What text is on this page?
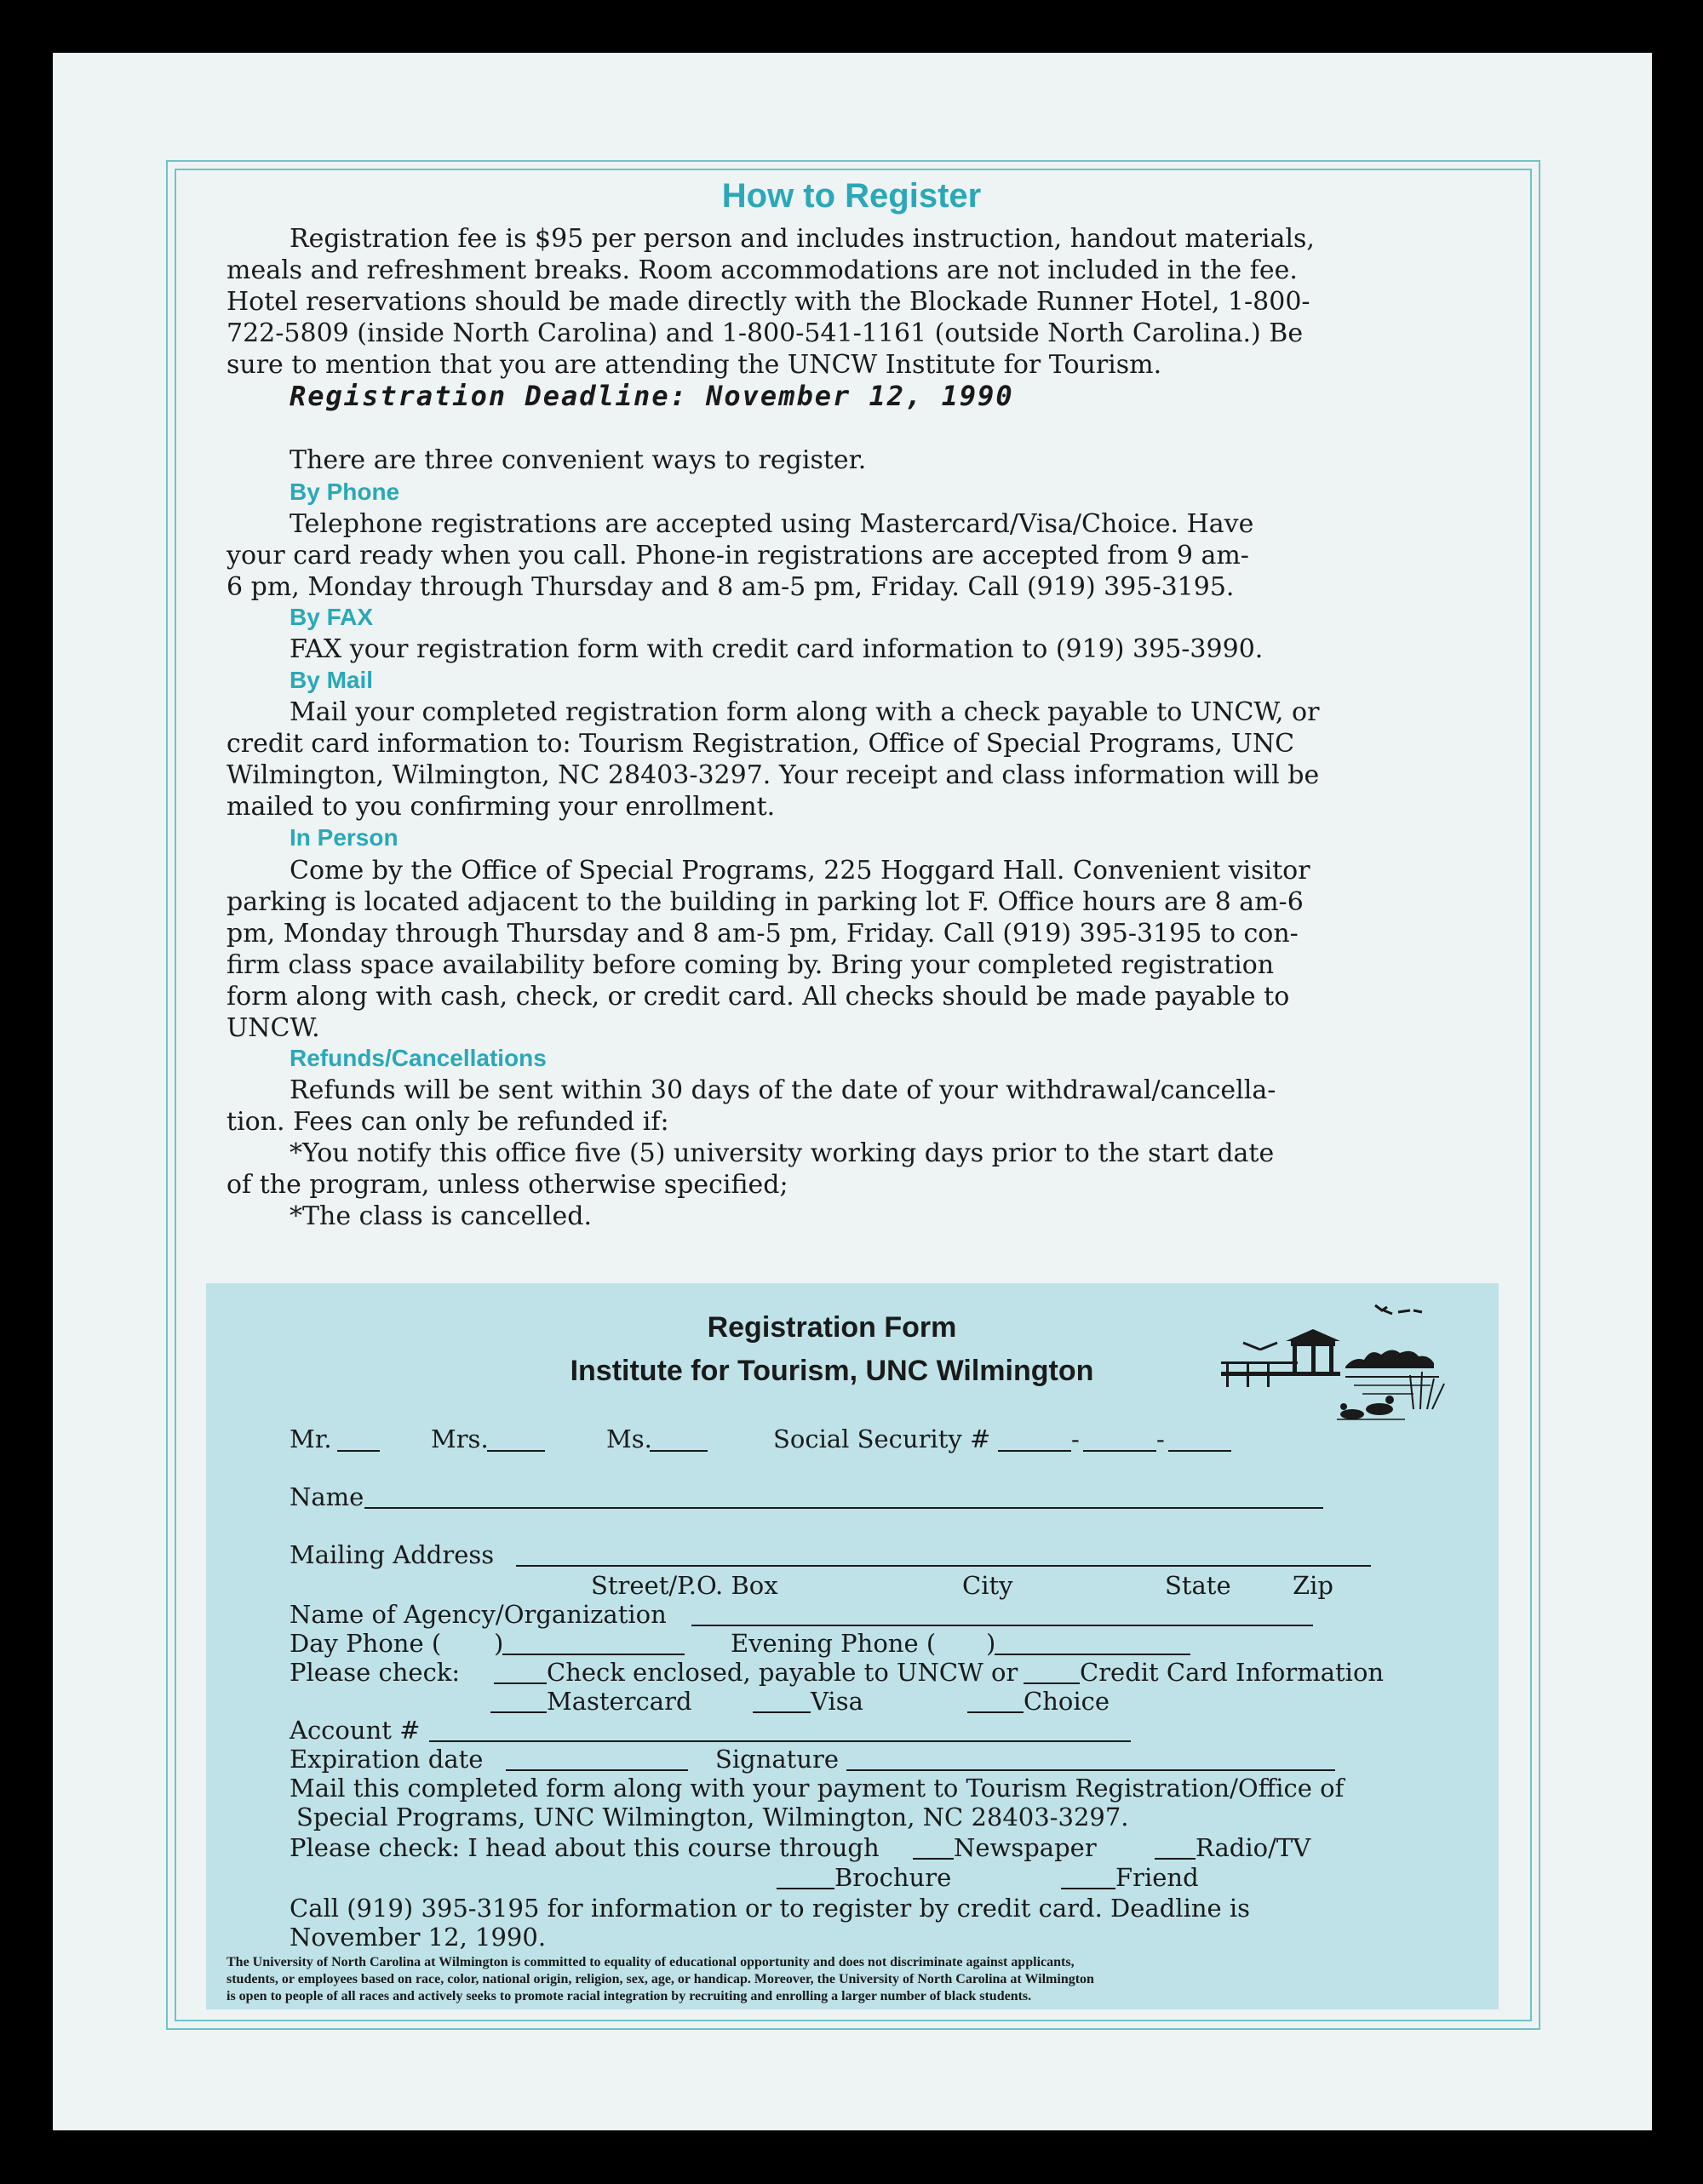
How to Register
Registration fee is $95 per person and includes instruction, handout materials,
meals and refreshment breaks. Room accommodations are not included in the fee.
Hotel reservations should be made directly with the Blockade Runner Hotel, 1-800-
722-5809 (inside North Carolina) and 1-800-541-1161 (outside North Carolina.) Be
sure to mention that you are attending the UNCW Institute for Tourism.
Registration Deadline: November 12, 1990
There are three convenient ways to register.
By Phone
Telephone registrations are accepted using Mastercard/Visa/Choice. Have
your card ready when you call. Phone-in registrations are accepted from 9 am-
6 pm, Monday through Thursday and 8 am-5 pm, Friday. Call (919) 395-3195.
By FAX
FAX your registration form with credit card information to (919) 395-3990.
By Mail
Mail your completed registration form along with a check payable to UNCW, or
credit card information to: Tourism Registration, Office of Special Programs, UNC
Wilmington, Wilmington, NC 28403-3297. Your receipt and class information will be
mailed to you confirming your enrollment.
In Person
Come by the Office of Special Programs, 225 Hoggard Hall. Convenient visitor
parking is located adjacent to the building in parking lot F. Office hours are 8 am-6
pm, Monday through Thursday and 8 am-5 pm, Friday. Call (919) 395-3195 to con-
firm class space availability before coming by. Bring your completed registration
form along with cash, check, or credit card. All checks should be made payable to
UNCW.
Refunds/Cancellations
Refunds will be sent within 30 days of the date of your withdrawal/cancella-
tion. Fees can only be refunded if:
*You notify this office five (5) university working days prior to the start date
of the program, unless otherwise specified;
*The class is cancelled.
Registration Form
Institute for Tourism, UNC Wilmington
Mr.	Mrs.	Ms.	Social Security #	-	-
Name
Mailing Address
Street/P.O. Box	City	State Zip
Name of Agency/Organization
Day Phone ( )	Evening Phone ( )
Please check:	Check enclosed, payable to UNCW or	Credit Card Information
Mastercard	Visa	Choice
Account #
Expiration date	Signature
Mail this completed form along with your payment to Tourism Registration/Office of
Special Programs, UNC Wilmington, Wilmington, NC 28403-3297.
Please check: I head about this course through	Newspaper	Radio/TV
Brochure	Friend
Call (919) 395-3195 for information or to register by credit card. Deadline is
November 12, 1990.
The University of North Carolina at Wilmington is committed to equality of educational opportunity and does not discriminate against applicants,
students, or employees based on race, color, national origin, religion, sex, age, or handicap. Moreover, the University of North Carolina at Wilmington
is open to people of all races and actively seeks to promote racial integration by recruiting and enrolling a larger number of black students.
